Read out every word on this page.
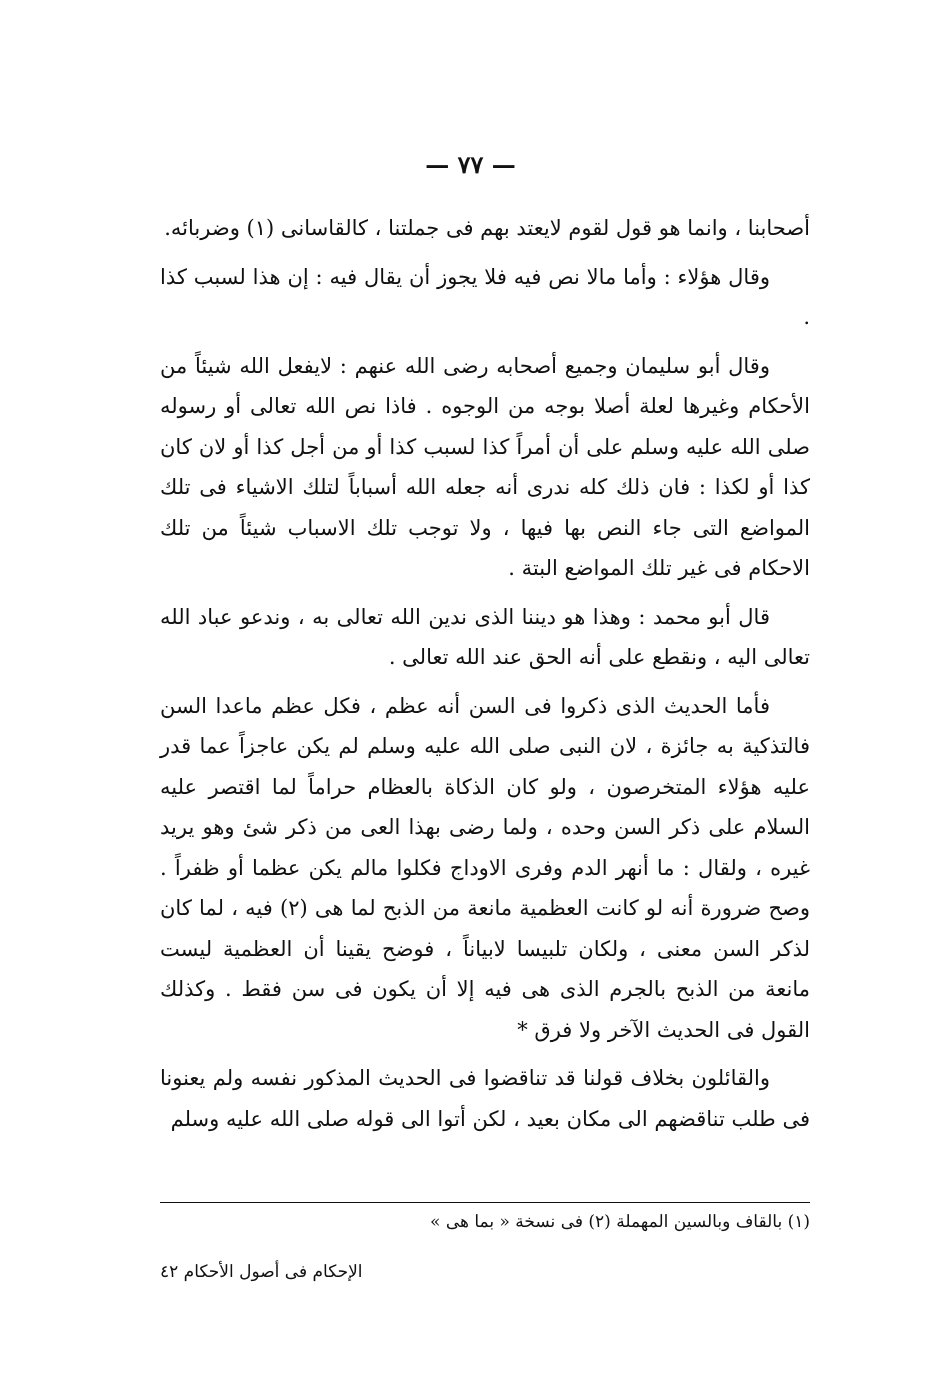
— ٧٧ —

أصحابنا ، وانما هو قول لقوم لايعتد بهم فى جملتنا ، كالقاسانى (١) وضربائه.

وقال هؤلاء : وأما مالا نص فيه فلا يجوز أن يقال فيه : إن هذا لسبب كذا .

وقال أبو سليمان وجميع أصحابه رضى الله عنهم : لايفعل الله شيئاً من الأحكام وغيرها لعلة أصلا بوجه من الوجوه . فاذا نص الله تعالى أو رسوله صلى الله عليه وسلم على أن أمراً كذا لسبب كذا أو من أجل كذا أو لان كان كذا أو لكذا : فان ذلك كله ندرى أنه جعله الله أسباباً لتلك الاشياء فى تلك المواضع التى جاء النص بها فيها ، ولا توجب تلك الاسباب شيئاً من تلك الاحكام فى غير تلك المواضع البتة .

قال أبو محمد : وهذا هو ديننا الذى ندين الله تعالى به ، وندعو عباد الله تعالى اليه ، ونقطع على أنه الحق عند الله تعالى .

فأما الحديث الذى ذكروا فى السن أنه عظم ، فكل عظم ماعدا السن فالتذكية به جائزة ، لان النبى صلى الله عليه وسلم لم يكن عاجزاً عما قدر عليه هؤلاء المتخرصون ، ولو كان الذكاة بالعظام حراماً لما اقتصر عليه السلام على ذكر السن وحده ، ولما رضى بهذا العى من ذكر شئ وهو يريد غيره ، ولقال : ما أنهر الدم وفرى الاوداج فكلوا مالم يكن عظما أو ظفراً . وصح ضرورة أنه لو كانت العظمية مانعة من الذبح لما هى (٢) فيه ، لما كان لذكر السن معنى ، ولكان تلبيسا لابياناً ، فوضح يقينا أن العظمية ليست مانعة من الذبح بالجرم الذى هى فيه إلا أن يكون فى سن فقط . وكذلك القول فى الحديث الآخر ولا فرق *

والقائلون بخلاف قولنا قد تناقضوا فى الحديث المذكور نفسه ولم يعنونا فى طلب تناقضهم الى مكان بعيد ، لكن أتوا الى قوله صلى الله عليه وسلم

(١) بالقاف وبالسين المهملة (٢) فى نسخة « بما هى »
الإحكام فى أصول الأحكام ٤٢
